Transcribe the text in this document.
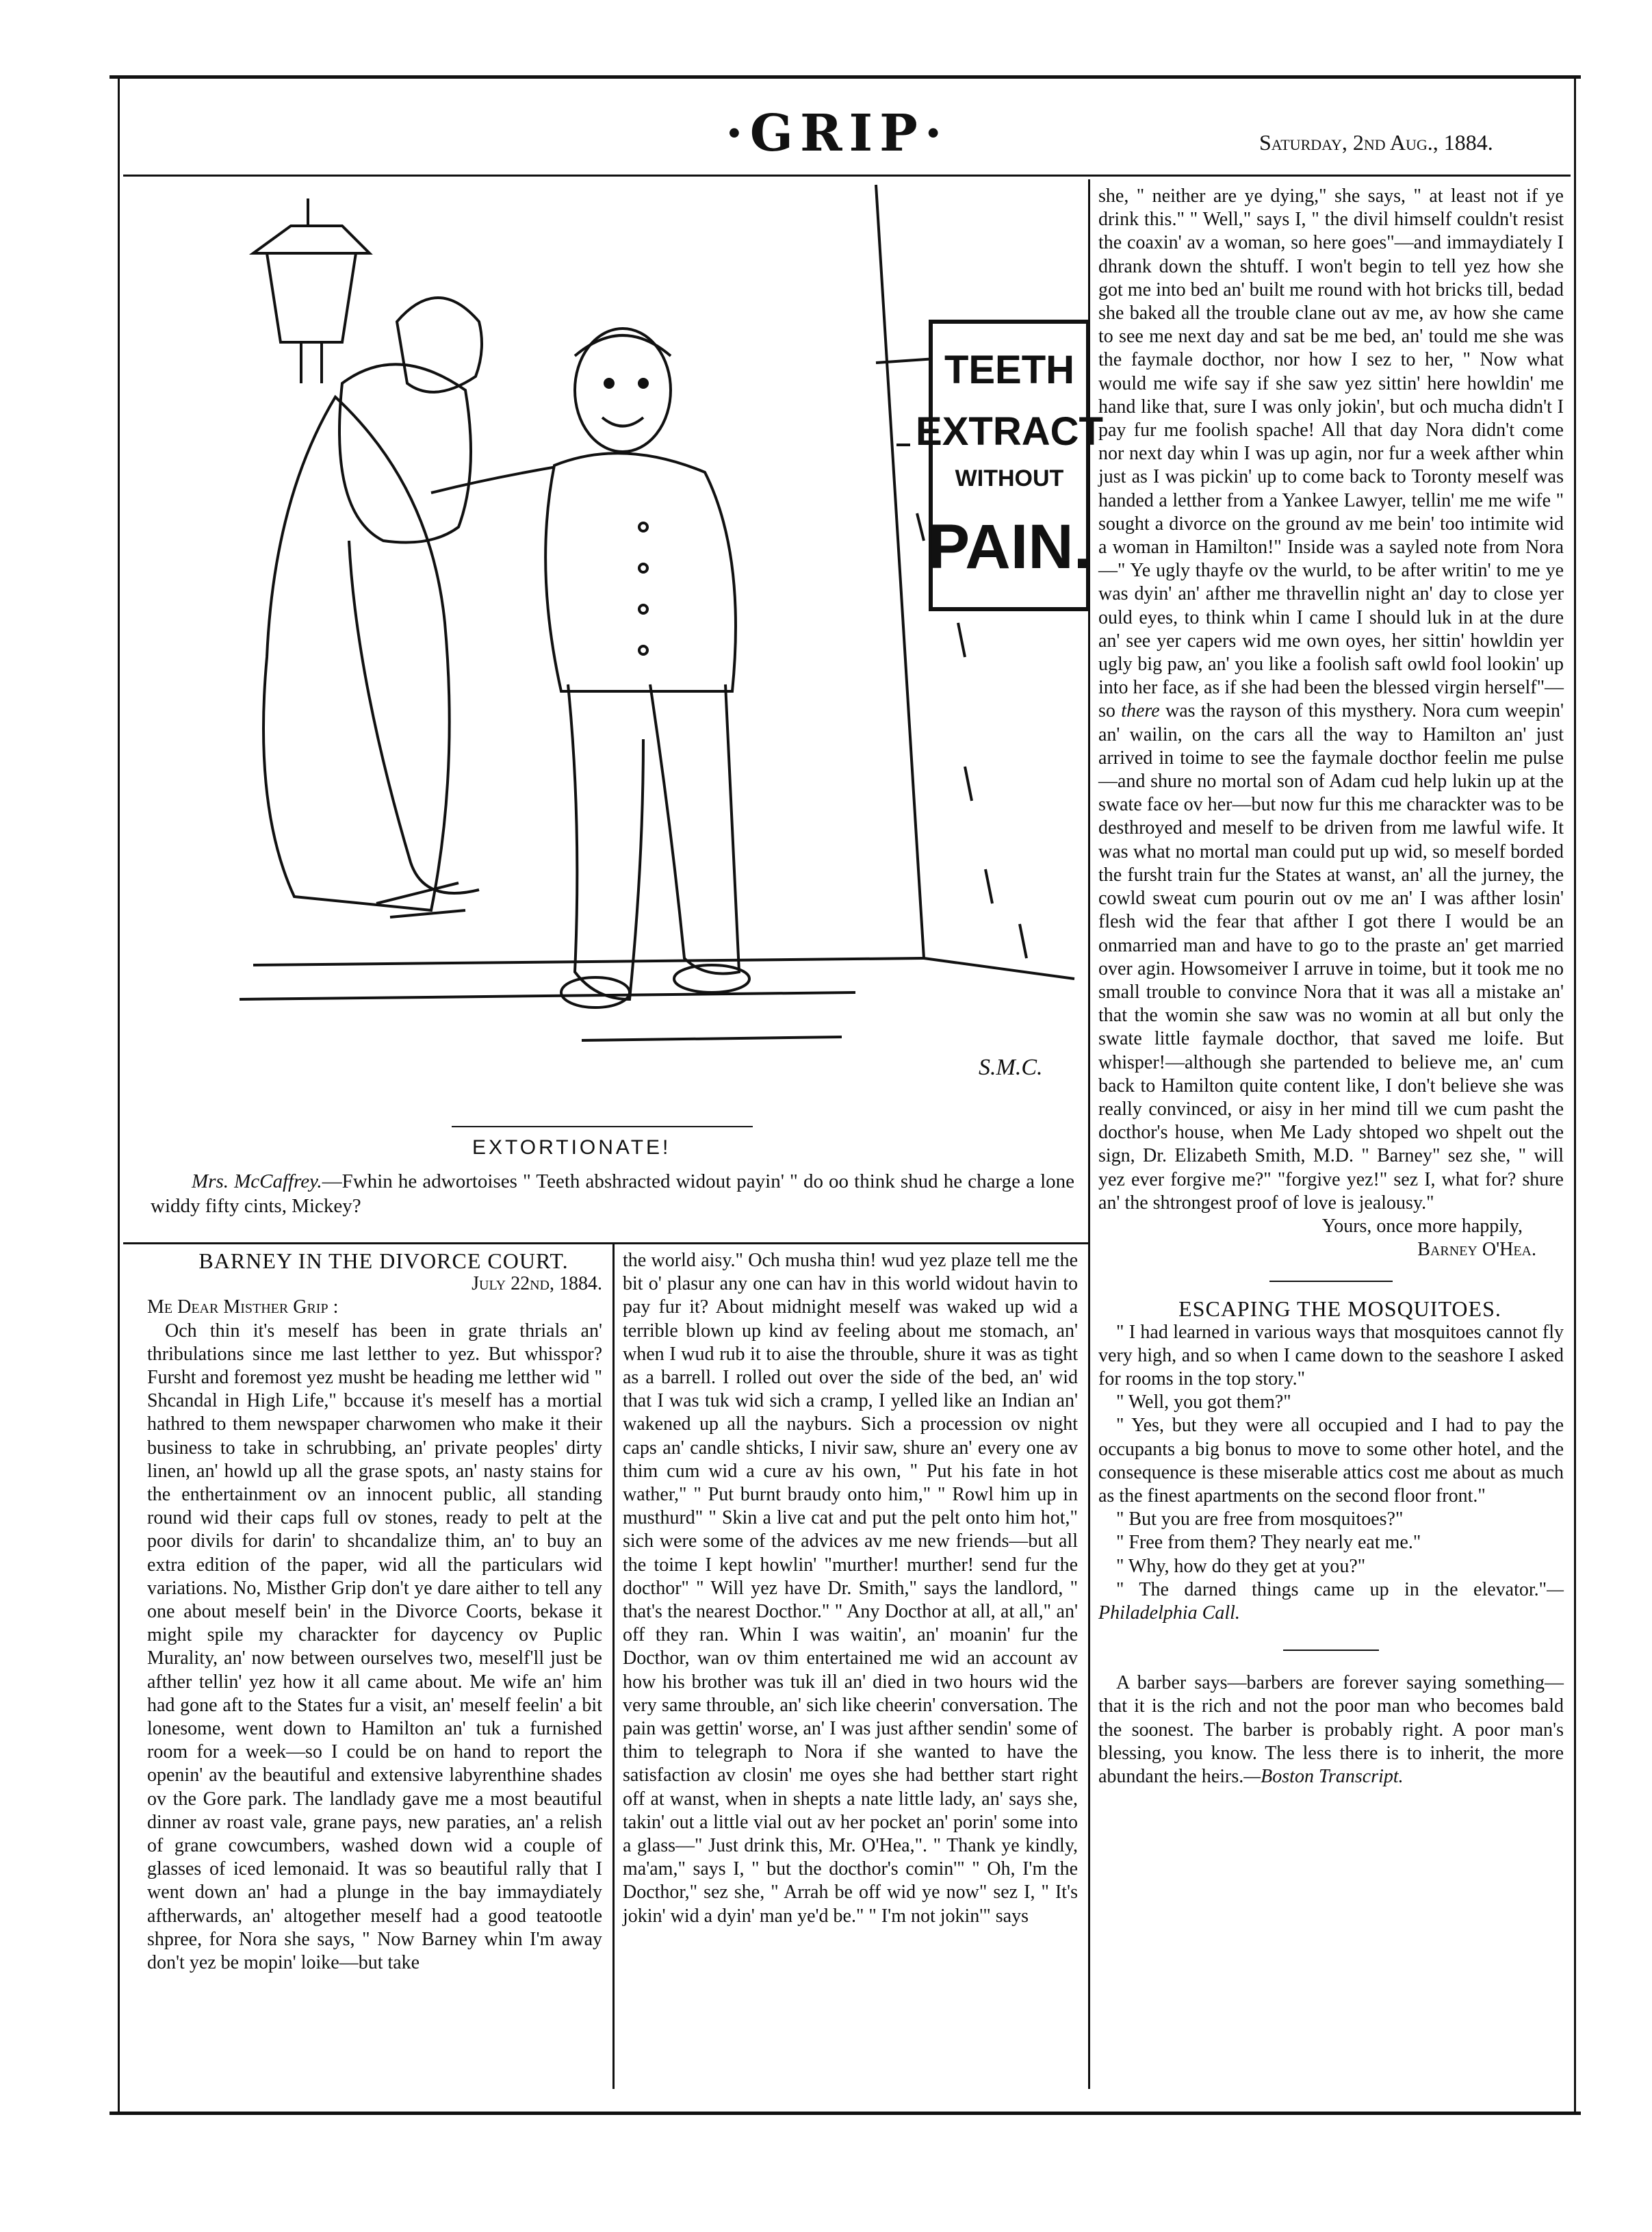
·GRIP·	Saturday, 2nd Aug., 1884.
TEETH
EXTRACT
WITHOUT
PAIN.
S.M.C.
EXTORTIONATE!
Mrs. McCaffrey.—Fwhin he adwortoises " Teeth abshracted widout payin' " do oo think shud he charge a lone widdy fifty cints, Mickey?

BARNEY IN THE DIVORCE COURT.

July 22nd, 1884.

Me Dear Misther Grip :

Och thin it's meself has been in grate thrials an' thribulations since me last letther to yez. But whisspor? Fursht and foremost yez musht be heading me letther wid " Shcandal in High Life," bccause it's meself has a mortial hathred to them newspaper charwomen who make it their business to take in schrubbing, an' private peoples' dirty linen, an' howld up all the grase spots, an' nasty stains for the enthertainment ov an innocent public, all standing round wid their caps full ov stones, ready to pelt at the poor divils for darin' to shcandalize thim, an' to buy an extra edition of the paper, wid all the particulars wid variations. No, Misther Grip don't ye dare aither to tell any one about meself bein' in the Divorce Coorts, bekase it might spile my charackter for daycency ov Puplic Murality, an' now between ourselves two, meself'll just be afther tellin' yez how it all came about. Me wife an' him had gone aft to the States fur a visit, an' meself feelin' a bit lonesome, went down to Hamilton an' tuk a furnished room for a week—so I could be on hand to report the openin' av the beautiful and extensive labyrenthine shades ov the Gore park. The landlady gave me a most beautiful dinner av roast vale, grane pays, new paraties, an' a relish of grane cowcumbers, washed down wid a couple of glasses of iced lemonaid. It was so beautiful rally that I went down an' had a plunge in the bay immaydiately aftherwards, an' altogether meself had a good teatootle shpree, for Nora she says, " Now Barney whin I'm away don't yez be mopin' loike—but take

the world aisy." Och musha thin! wud yez plaze tell me the bit o' plasur any one can hav in this world widout havin to pay fur it? About midnight meself was waked up wid a terrible blown up kind av feeling about me stomach, an' when I wud rub it to aise the throuble, shure it was as tight as a barrell. I rolled out over the side of the bed, an' wid that I was tuk wid sich a cramp, I yelled like an Indian an' wakened up all the nayburs. Sich a procession ov night caps an' candle shticks, I nivir saw, shure an' every one av thim cum wid a cure av his own, " Put his fate in hot wather," " Put burnt braudy onto him," " Rowl him up in musthurd" " Skin a live cat and put the pelt onto him hot," sich were some of the advices av me new friends—but all the toime I kept howlin' "murther! murther! send fur the docthor" " Will yez have Dr. Smith," says the landlord, " that's the nearest Docthor." " Any Docthor at all, at all," an' off they ran. Whin I was waitin', an' moanin' fur the Docthor, wan ov thim entertained me wid an account av how his brother was tuk ill an' died in two hours wid the very same throuble, an' sich like cheerin' conversation. The pain was gettin' worse, an' I was just afther sendin' some of thim to telegraph to Nora if she wanted to have the satisfaction av closin' me oyes she had betther start right off at wanst, when in shepts a nate little lady, an' says she, takin' out a little vial out av her pocket an' porin' some into a glass—" Just drink this, Mr. O'Hea,". " Thank ye kindly, ma'am," says I, " but the docthor's comin'" " Oh, I'm the Docthor," sez she, " Arrah be off wid ye now" sez I, " It's jokin' wid a dyin' man ye'd be." " I'm not jokin'" says

she, " neither are ye dying," she says, " at least not if ye drink this." " Well," says I, " the divil himself couldn't resist the coaxin' av a woman, so here goes"—and immaydiately I dhrank down the shtuff. I won't begin to tell yez how she got me into bed an' built me round with hot bricks till, bedad she baked all the trouble clane out av me, av how she came to see me next day and sat be me bed, an' tould me she was the faymale docthor, nor how I sez to her, " Now what would me wife say if she saw yez sittin' here howldin' me hand like that, sure I was only jokin', but och mucha didn't I pay fur me foolish spache! All that day Nora didn't come nor next day whin I was up agin, nor fur a week afther whin just as I was pickin' up to come back to Toronty meself was handed a letther from a Yankee Lawyer, tellin' me me wife " sought a divorce on the ground av me bein' too intimite wid a woman in Hamilton!" Inside was a sayled note from Nora—" Ye ugly thayfe ov the wurld, to be after writin' to me ye was dyin' an' afther me thravellin night an' day to close yer ould eyes, to think whin I came I should luk in at the dure an' see yer capers wid me own oyes, her sittin' howldin yer ugly big paw, an' you like a foolish saft owld fool lookin' up into her face, as if she had been the blessed virgin herself"—so there was the rayson of this mysthery. Nora cum weepin' an' wailin, on the cars all the way to Hamilton an' just arrived in toime to see the faymale docthor feelin me pulse—and shure no mortal son of Adam cud help lukin up at the swate face ov her—but now fur this me charackter was to be desthroyed and meself to be driven from me lawful wife. It was what no mortal man could put up wid, so meself borded the fursht train fur the States at wanst, an' all the jurney, the cowld sweat cum pourin out ov me an' I was afther losin' flesh wid the fear that afther I got there I would be an onmarried man and have to go to the praste an' get married over agin. Howsomeiver I arruve in toime, but it took me no small trouble to convince Nora that it was all a mistake an' that the womin she saw was no womin at all but only the swate little faymale docthor, that saved me loife. But whisper!—although she partended to believe me, an' cum back to Hamilton quite content like, I don't believe she was really convinced, or aisy in her mind till we cum pasht the docthor's house, when Me Lady shtoped wo shpelt out the sign, Dr. Elizabeth Smith, M.D. " Barney" sez she, " will yez ever forgive me?" "forgive yez!" sez I, what for? shure an' the shtrongest proof of love is jealousy."

Yours, once more happily,

Barney O'Hea.

ESCAPING THE MOSQUITOES.

" I had learned in various ways that mosquitoes cannot fly very high, and so when I came down to the seashore I asked for rooms in the top story."

" Well, you got them?"

" Yes, but they were all occupied and I had to pay the occupants a big bonus to move to some other hotel, and the consequence is these miserable attics cost me about as much as the finest apartments on the second floor front."

" But you are free from mosquitoes?"

" Free from them? They nearly eat me."

" Why, how do they get at you?"

" The darned things came up in the elevator."—Philadelphia Call.

A barber says—barbers are forever saying something—that it is the rich and not the poor man who becomes bald the soonest. The barber is probably right. A poor man's blessing, you know. The less there is to inherit, the more abundant the heirs.—Boston Transcript.
